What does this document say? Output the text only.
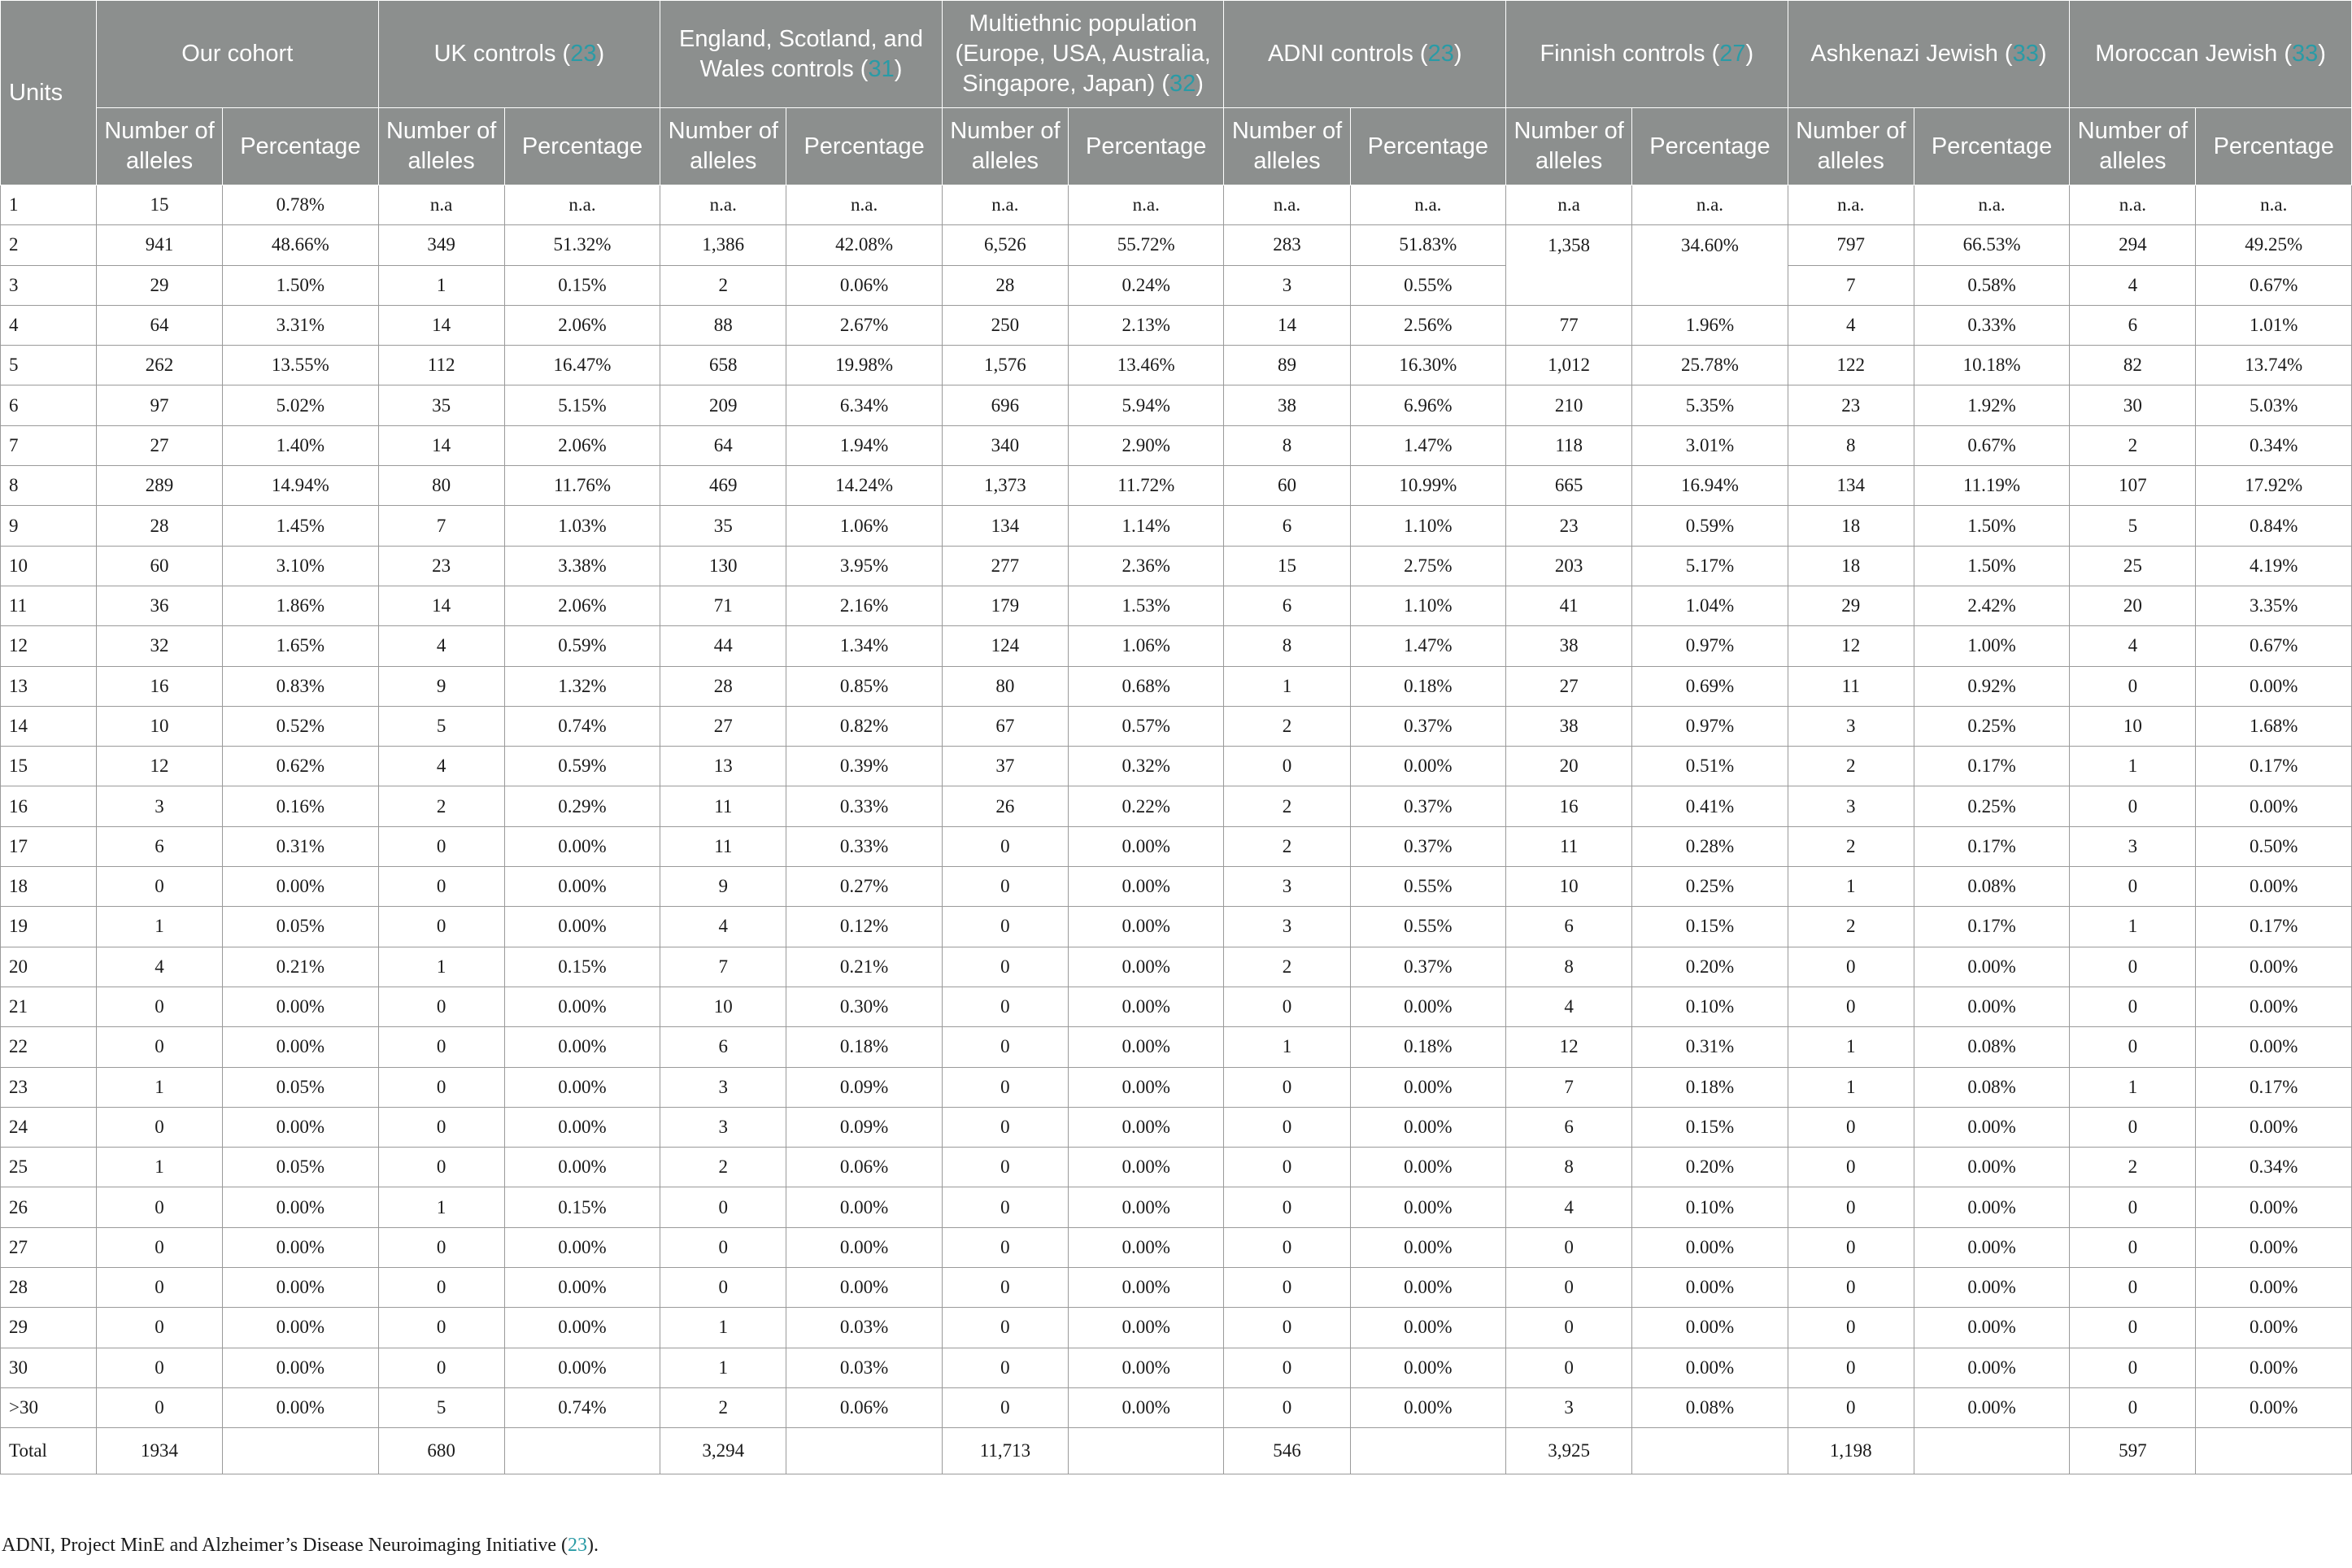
Units	Our cohort		UK controls (23)		England, Scotland, and Wales controls (31)		Multiethnic population (Europe, USA, Australia, Singapore, Japan) (32)		ADNI controls (23)		Finnish controls (27)		Ashkenazi Jewish (33)		Moroccan Jewish (33)	
	Number of alleles	Percentage	Number of alleles	Percentage	Number of alleles	Percentage	Number of alleles	Percentage	Number of alleles	Percentage	Number of alleles	Percentage	Number of alleles	Percentage	Number of alleles	Percentage
1	15	0.78%	n.a	n.a.	n.a.	n.a.	n.a.	n.a.	n.a.	n.a.	n.a	n.a.	n.a.	n.a.	n.a.	n.a.
2	941	48.66%	349	51.32%	1,386	42.08%	6,526	55.72%	283	51.83%	1,358	34.60%	797	66.53%	294	49.25%
3	29	1.50%	1	0.15%	2	0.06%	28	0.24%	3	0.55%			7	0.58%	4	0.67%
4	64	3.31%	14	2.06%	88	2.67%	250	2.13%	14	2.56%	77	1.96%	4	0.33%	6	1.01%
5	262	13.55%	112	16.47%	658	19.98%	1,576	13.46%	89	16.30%	1,012	25.78%	122	10.18%	82	13.74%
6	97	5.02%	35	5.15%	209	6.34%	696	5.94%	38	6.96%	210	5.35%	23	1.92%	30	5.03%
7	27	1.40%	14	2.06%	64	1.94%	340	2.90%	8	1.47%	118	3.01%	8	0.67%	2	0.34%
8	289	14.94%	80	11.76%	469	14.24%	1,373	11.72%	60	10.99%	665	16.94%	134	11.19%	107	17.92%
9	28	1.45%	7	1.03%	35	1.06%	134	1.14%	6	1.10%	23	0.59%	18	1.50%	5	0.84%
10	60	3.10%	23	3.38%	130	3.95%	277	2.36%	15	2.75%	203	5.17%	18	1.50%	25	4.19%
11	36	1.86%	14	2.06%	71	2.16%	179	1.53%	6	1.10%	41	1.04%	29	2.42%	20	3.35%
12	32	1.65%	4	0.59%	44	1.34%	124	1.06%	8	1.47%	38	0.97%	12	1.00%	4	0.67%
13	16	0.83%	9	1.32%	28	0.85%	80	0.68%	1	0.18%	27	0.69%	11	0.92%	0	0.00%
14	10	0.52%	5	0.74%	27	0.82%	67	0.57%	2	0.37%	38	0.97%	3	0.25%	10	1.68%
15	12	0.62%	4	0.59%	13	0.39%	37	0.32%	0	0.00%	20	0.51%	2	0.17%	1	0.17%
16	3	0.16%	2	0.29%	11	0.33%	26	0.22%	2	0.37%	16	0.41%	3	0.25%	0	0.00%
17	6	0.31%	0	0.00%	11	0.33%	0	0.00%	2	0.37%	11	0.28%	2	0.17%	3	0.50%
18	0	0.00%	0	0.00%	9	0.27%	0	0.00%	3	0.55%	10	0.25%	1	0.08%	0	0.00%
19	1	0.05%	0	0.00%	4	0.12%	0	0.00%	3	0.55%	6	0.15%	2	0.17%	1	0.17%
20	4	0.21%	1	0.15%	7	0.21%	0	0.00%	2	0.37%	8	0.20%	0	0.00%	0	0.00%
21	0	0.00%	0	0.00%	10	0.30%	0	0.00%	0	0.00%	4	0.10%	0	0.00%	0	0.00%
22	0	0.00%	0	0.00%	6	0.18%	0	0.00%	1	0.18%	12	0.31%	1	0.08%	0	0.00%
23	1	0.05%	0	0.00%	3	0.09%	0	0.00%	0	0.00%	7	0.18%	1	0.08%	1	0.17%
24	0	0.00%	0	0.00%	3	0.09%	0	0.00%	0	0.00%	6	0.15%	0	0.00%	0	0.00%
25	1	0.05%	0	0.00%	2	0.06%	0	0.00%	0	0.00%	8	0.20%	0	0.00%	2	0.34%
26	0	0.00%	1	0.15%	0	0.00%	0	0.00%	0	0.00%	4	0.10%	0	0.00%	0	0.00%
27	0	0.00%	0	0.00%	0	0.00%	0	0.00%	0	0.00%	0	0.00%	0	0.00%	0	0.00%
28	0	0.00%	0	0.00%	0	0.00%	0	0.00%	0	0.00%	0	0.00%	0	0.00%	0	0.00%
29	0	0.00%	0	0.00%	1	0.03%	0	0.00%	0	0.00%	0	0.00%	0	0.00%	0	0.00%
30	0	0.00%	0	0.00%	1	0.03%	0	0.00%	0	0.00%	0	0.00%	0	0.00%	0	0.00%
>30	0	0.00%	5	0.74%	2	0.06%	0	0.00%	0	0.00%	3	0.08%	0	0.00%	0	0.00%
Total	1934		680		3,294		11,713		546		3,925		1,198		597	
ADNI, Project MinE and Alzheimer’s Disease Neuroimaging Initiative (23).
